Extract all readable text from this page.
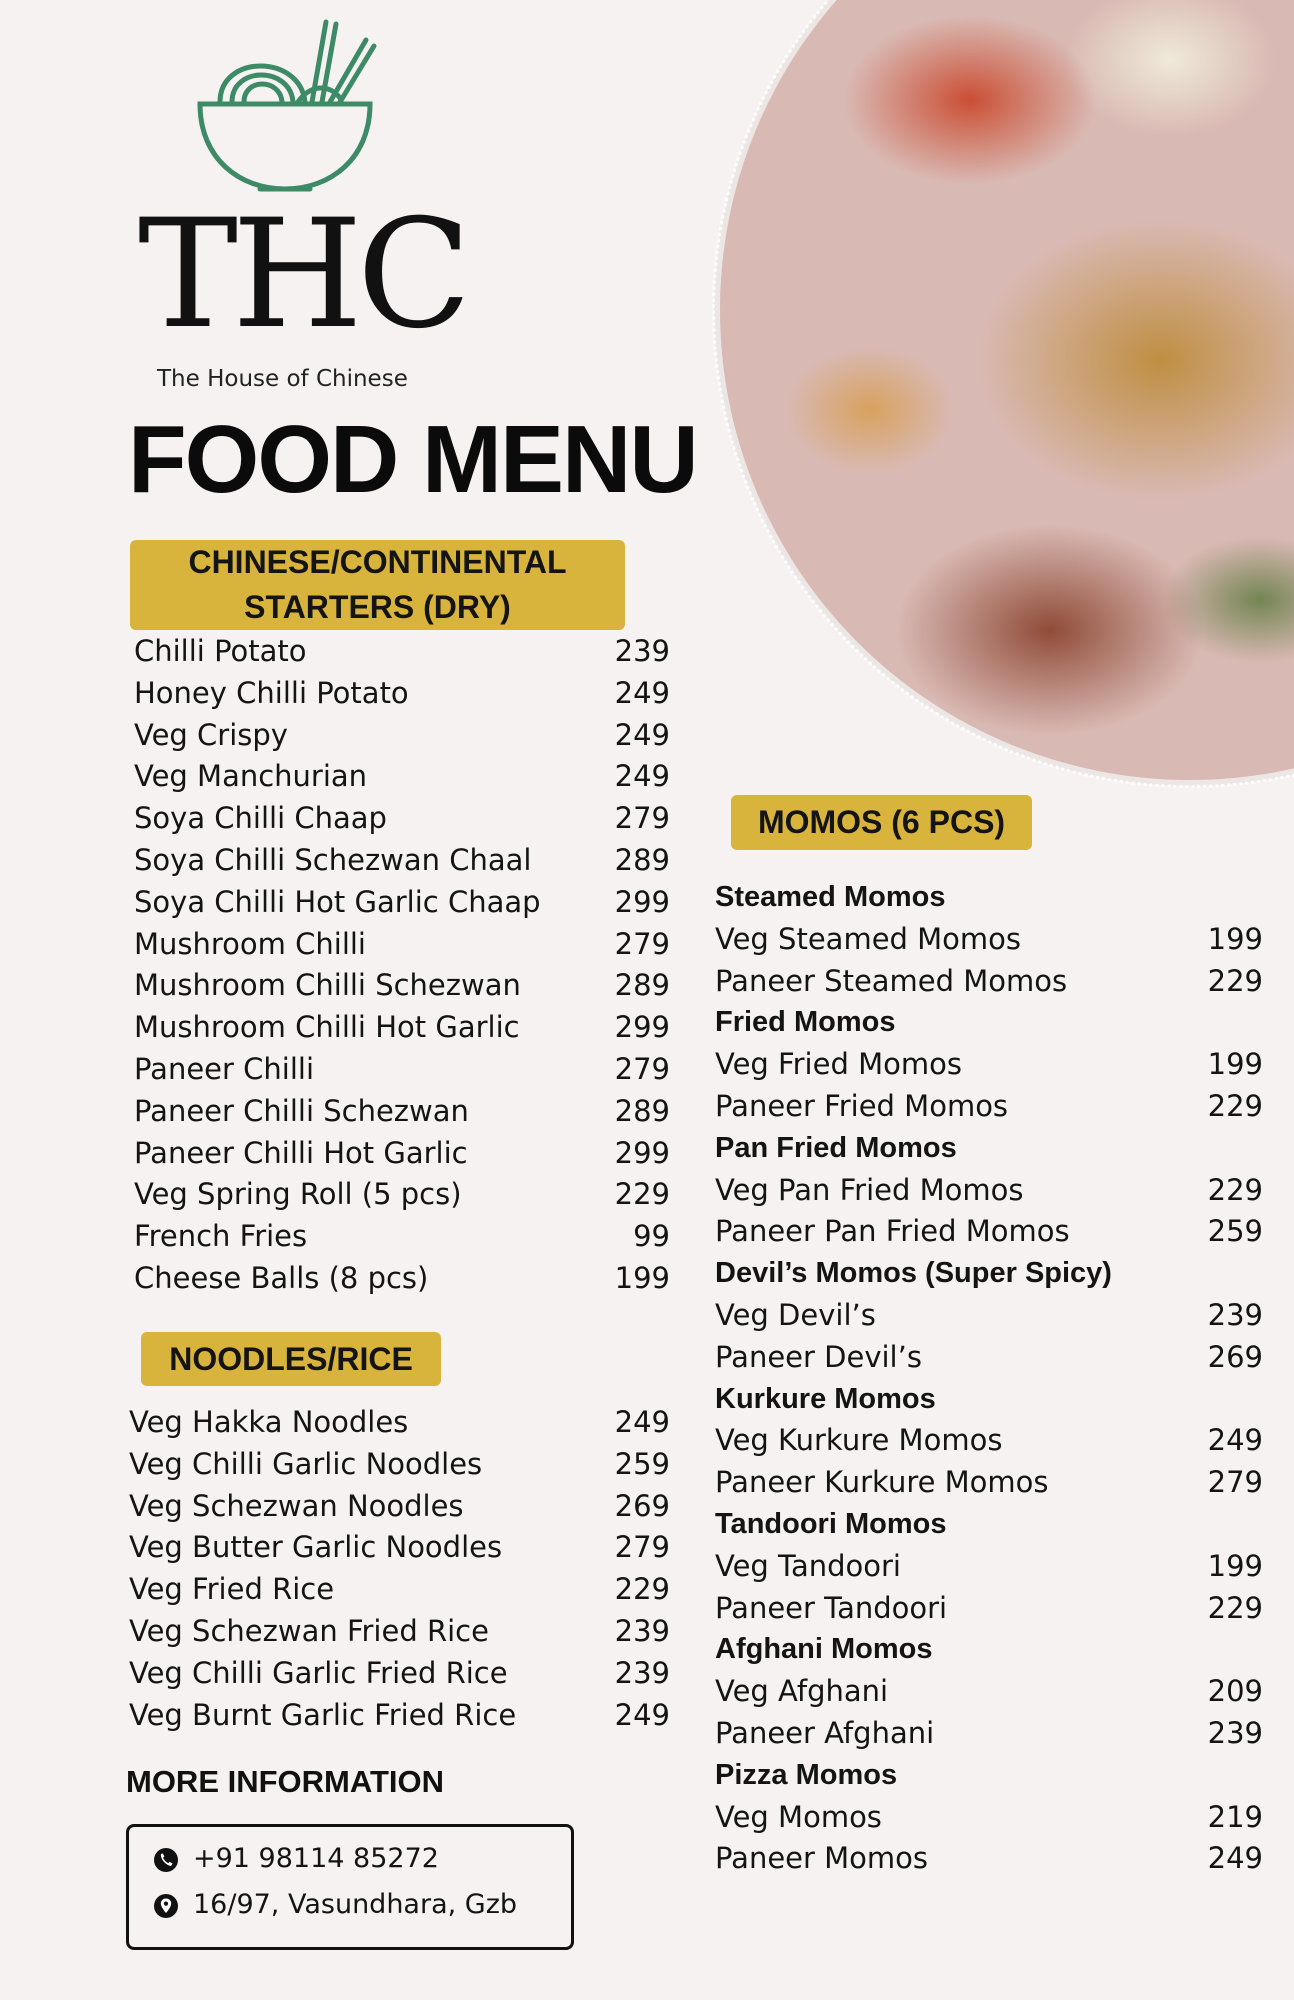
THC
The House of Chinese
FOOD MENU
CHINESE/CONTINENTAL
STARTERS (DRY)
Chilli Potato	239
Honey Chilli Potato	249
Veg Crispy	249
Veg Manchurian	249
Soya Chilli Chaap	279
Soya Chilli Schezwan Chaal	289
Soya Chilli Hot Garlic Chaap	299
Mushroom Chilli	279
Mushroom Chilli Schezwan	289
Mushroom Chilli Hot Garlic	299
Paneer Chilli	279
Paneer Chilli Schezwan	289
Paneer Chilli Hot Garlic	299
Veg Spring Roll (5 pcs)	229
French Fries	99
Cheese Balls (8 pcs)	199
NOODLES/RICE
Veg Hakka Noodles	249
Veg Chilli Garlic Noodles	259
Veg Schezwan Noodles	269
Veg Butter Garlic Noodles	279
Veg Fried Rice	229
Veg Schezwan Fried Rice	239
Veg Chilli Garlic Fried Rice	239
Veg Burnt Garlic Fried Rice	249
MOMOS (6 PCS)
Steamed Momos
Veg Steamed Momos	199
Paneer Steamed Momos	229
Fried Momos
Veg Fried Momos	199
Paneer Fried Momos	229
Pan Fried Momos
Veg Pan Fried Momos	229
Paneer Pan Fried Momos	259
Devil’s Momos (Super Spicy)
Veg Devil’s	239
Paneer Devil’s	269
Kurkure Momos
Veg Kurkure Momos	249
Paneer Kurkure Momos	279
Tandoori Momos
Veg Tandoori	199
Paneer Tandoori	229
Afghani Momos
Veg Afghani	209
Paneer Afghani	239
Pizza Momos
Veg Momos	219
Paneer Momos	249
MORE INFORMATION
+91 98114 85272
16/97, Vasundhara, Gzb
